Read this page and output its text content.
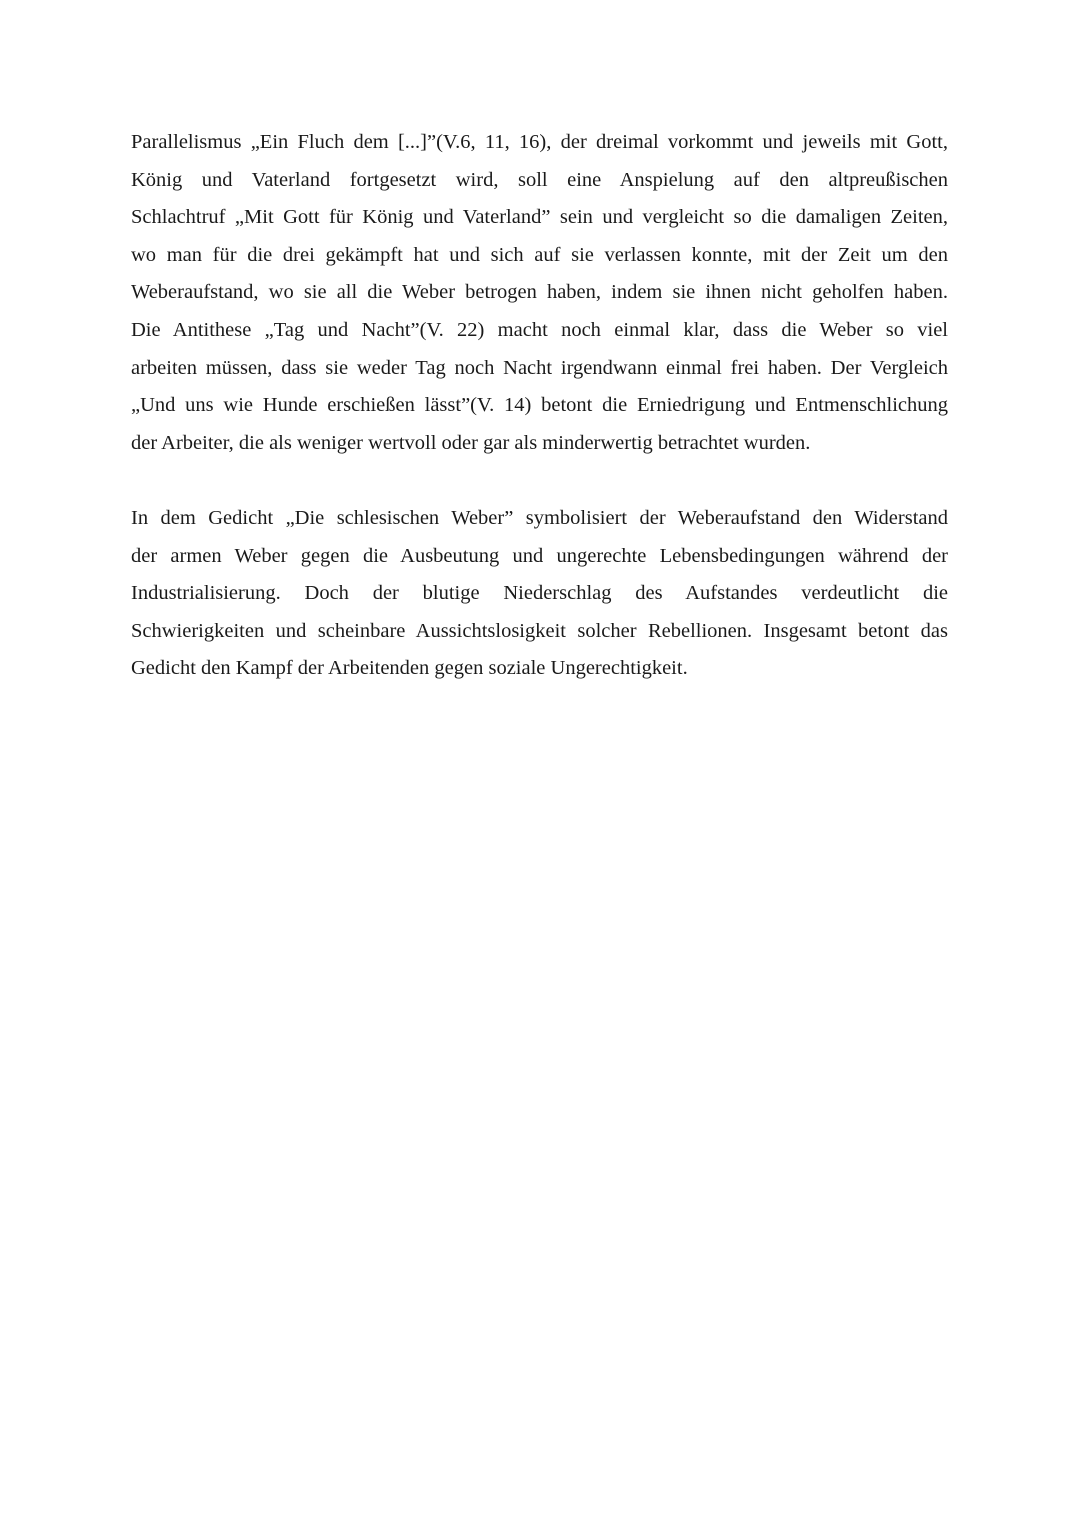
Parallelismus „Ein Fluch dem [...]”(V.6, 11, 16), der dreimal vorkommt und jeweils mit Gott,
König und Vaterland fortgesetzt wird, soll eine Anspielung auf den altpreußischen
Schlachtruf „Mit Gott für König und Vaterland” sein und vergleicht so die damaligen Zeiten,
wo man für die drei gekämpft hat und sich auf sie verlassen konnte, mit der Zeit um den
Weberaufstand, wo sie all die Weber betrogen haben, indem sie ihnen nicht geholfen haben.
Die Antithese „Tag und Nacht”(V. 22) macht noch einmal klar, dass die Weber so viel
arbeiten müssen, dass sie weder Tag noch Nacht irgendwann einmal frei haben. Der Vergleich
„Und uns wie Hunde erschießen lässt”(V. 14) betont die Erniedrigung und Entmenschlichung
der Arbeiter, die als weniger wertvoll oder gar als minderwertig betrachtet wurden.

In dem Gedicht „Die schlesischen Weber” symbolisiert der Weberaufstand den Widerstand
der armen Weber gegen die Ausbeutung und ungerechte Lebensbedingungen während der
Industrialisierung. Doch der blutige Niederschlag des Aufstandes verdeutlicht die
Schwierigkeiten und scheinbare Aussichtslosigkeit solcher Rebellionen. Insgesamt betont das
Gedicht den Kampf der Arbeitenden gegen soziale Ungerechtigkeit.
